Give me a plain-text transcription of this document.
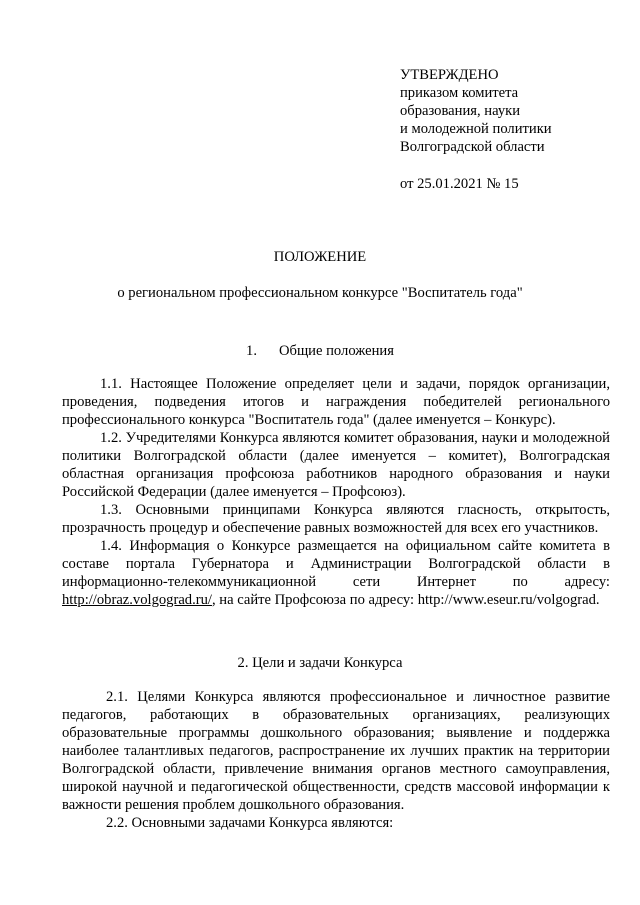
УТВЕРЖДЕНО
приказом комитета
образования, науки
и молодежной политики
Волгоградской области
от 25.01.2021 № 15
ПОЛОЖЕНИЕ
о региональном профессиональном конкурсе "Воспитатель года"
1. Общие положения
1.1. Настоящее Положение определяет цели и задачи, порядок организации, проведения, подведения итогов и награждения победителей регионального профессионального конкурса "Воспитатель года" (далее именуется – Конкурс).
1.2. Учредителями Конкурса являются комитет образования, науки и молодежной политики Волгоградской области (далее именуется – комитет), Волгоградская областная организация профсоюза работников народного образования и науки Российской Федерации (далее именуется – Профсоюз).
1.3. Основными принципами Конкурса являются гласность, открытость, прозрачность процедур и обеспечение равных возможностей для всех его участников.
1.4. Информация о Конкурсе размещается на официальном сайте комитета в составе портала Губернатора и Администрации Волгоградской области в информационно-телекоммуникационной сети Интернет по адресу: http://obraz.volgograd.ru/, на сайте Профсоюза по адресу: http://www.eseur.ru/volgograd.
2. Цели и задачи Конкурса
2.1. Целями Конкурса являются профессиональное и личностное развитие педагогов, работающих в образовательных организациях, реализующих образовательные программы дошкольного образования; выявление и поддержка наиболее талантливых педагогов, распространение их лучших практик на территории Волгоградской области, привлечение внимания органов местного самоуправления, широкой научной и педагогической общественности, средств массовой информации к важности решения проблем дошкольного образования.
2.2. Основными задачами Конкурса являются:
